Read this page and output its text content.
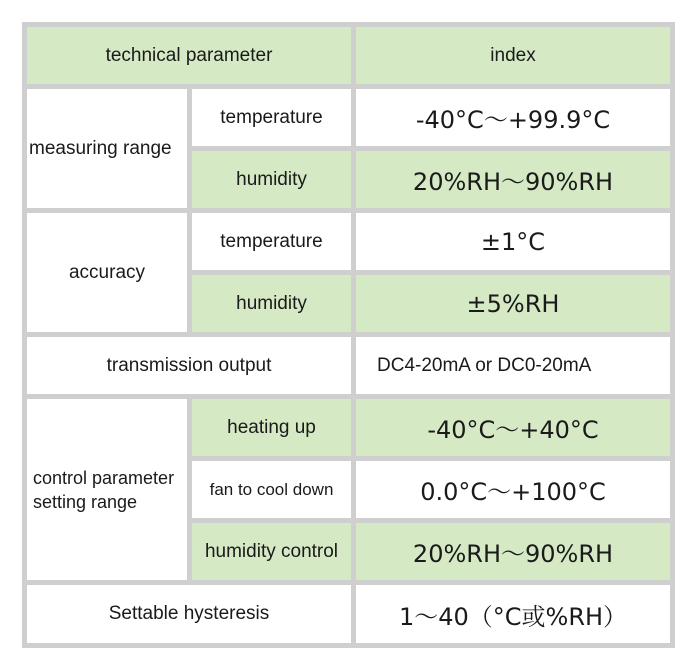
technical parameter	index
measuring range
temperature	-40°C～+99.9°C
humidity	20%RH～90%RH
accuracy
temperature	±1°C
humidity	±5%RH
transmission output	DC4-20mA or DC0-20mA
control parameter
setting range
heating up	-40°C～+40°C
fan to cool down	0.0°C～+100°C
humidity control	20%RH～90%RH
Settable hysteresis	1～40（°C或%RH）
